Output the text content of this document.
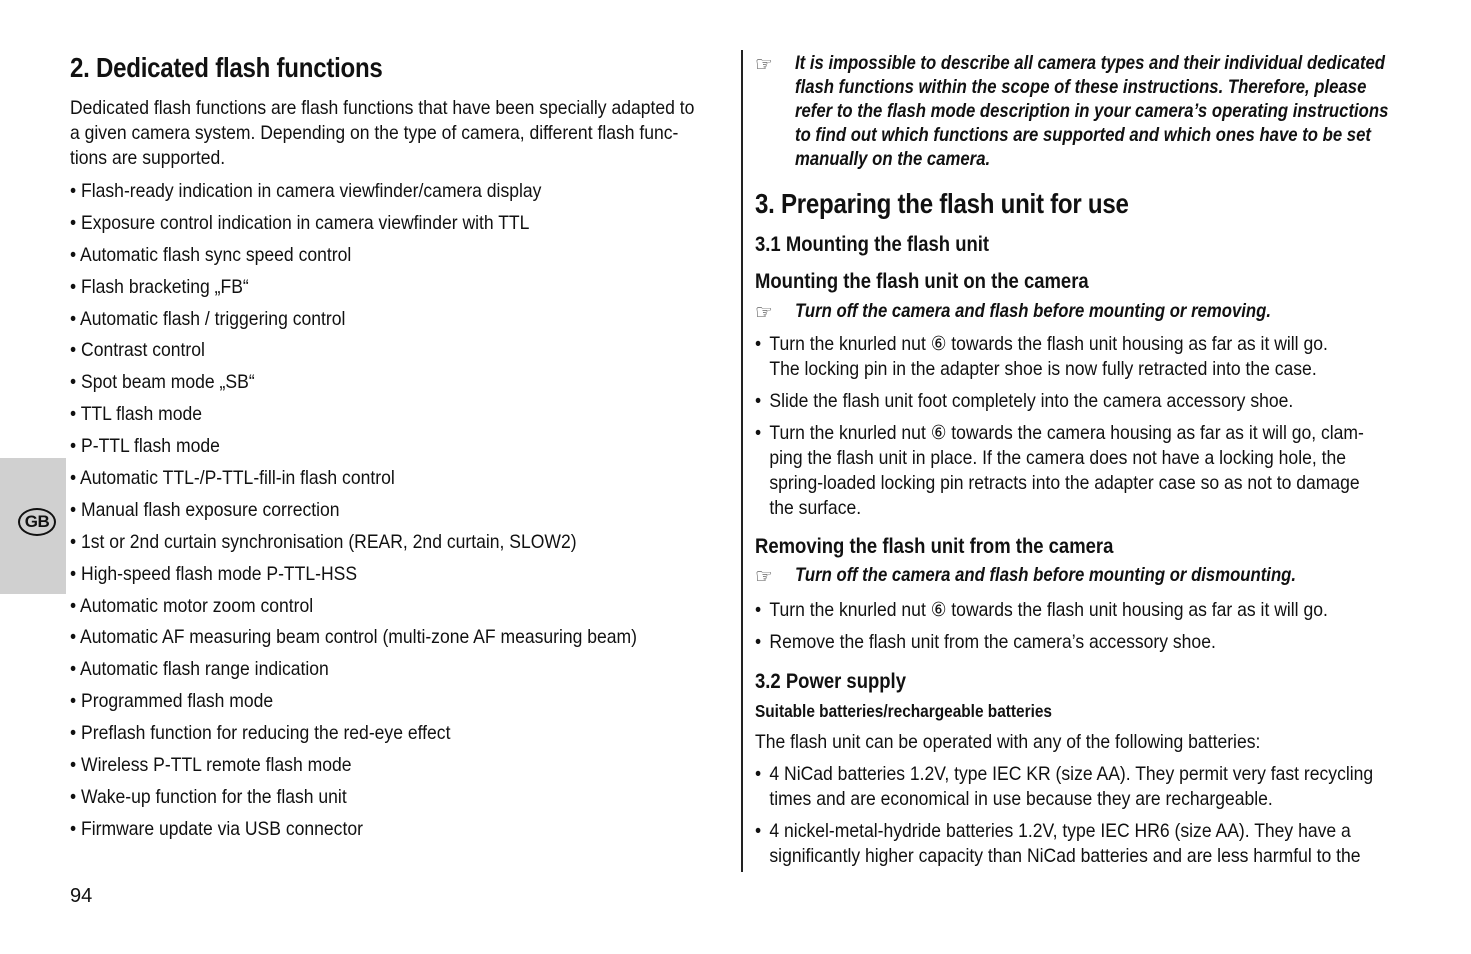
GB
2. Dedicated flash functions
Dedicated flash functions are flash functions that have been specially adapted to
a given camera system. Depending on the type of camera, different flash func-
tions are supported.
• Flash-ready indication in camera viewfinder/camera display
• Exposure control indication in camera viewfinder with TTL
• Automatic flash sync speed control
• Flash bracketing „FB“
• Automatic flash / triggering control
• Contrast control
• Spot beam mode „SB“
• TTL flash mode
• P-TTL flash mode
• Automatic TTL-/P-TTL-fill-in flash control
• Manual flash exposure correction
• 1st or 2nd curtain synchronisation (REAR, 2nd curtain, SLOW2)
• High-speed flash mode P-TTL-HSS
• Automatic motor zoom control
• Automatic AF measuring beam control (multi-zone AF measuring beam)
• Automatic flash range indication
• Programmed flash mode
• Preflash function for reducing the red-eye effect
• Wireless P-TTL remote flash mode
• Wake-up function for the flash unit
• Firmware update via USB connector
☞	It is impossible to describe all camera types and their individual dedicated
flash functions within the scope of these instructions. Therefore, please
refer to the flash mode description in your camera’s operating instructions
to find out which functions are supported and which ones have to be set
manually on the camera.
3. Preparing the flash unit for use
3.1 Mounting the flash unit
Mounting the flash unit on the camera
☞	Turn off the camera and flash before mounting or removing.
• Turn the knurled nut ⑥ towards the flash unit housing as far as it will go.
The locking pin in the adapter shoe is now fully retracted into the case.
• Slide the flash unit foot completely into the camera accessory shoe.
• Turn the knurled nut ⑥ towards the camera housing as far as it will go, clam-
ping the flash unit in place. If the camera does not have a locking hole, the
spring-loaded locking pin retracts into the adapter case so as not to damage
the surface.
Removing the flash unit from the camera
☞	Turn off the camera and flash before mounting or dismounting.
• Turn the knurled nut ⑥ towards the flash unit housing as far as it will go.
• Remove the flash unit from the camera’s accessory shoe.
3.2 Power supply
Suitable batteries/rechargeable batteries
The flash unit can be operated with any of the following batteries:
• 4 NiCad batteries 1.2V, type IEC KR (size AA). They permit very fast recycling
times and are economical in use because they are rechargeable.
• 4 nickel-metal-hydride batteries 1.2V, type IEC HR6 (size AA). They have a
significantly higher capacity than NiCad batteries and are less harmful to the
94
